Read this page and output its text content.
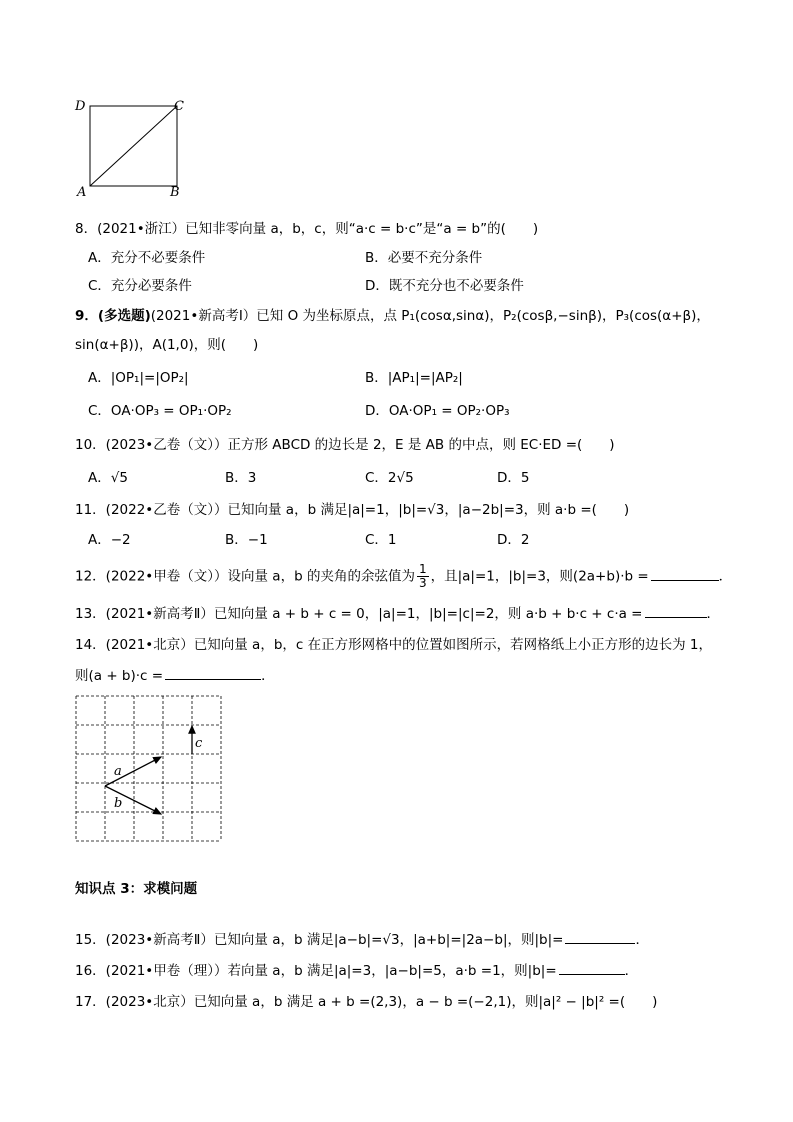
D	C
A	B
8．(2021•浙江）已知非零向量 a，b，c，则“a·c = b·c”是“a = b”的(　　)
A．充分不必要条件	B．必要不充分条件
C．充分必要条件	D．既不充分也不必要条件
9．(多选题)(2021•新高考Ⅰ）已知 O 为坐标原点，点 P₁(cosα,sinα)，P₂(cosβ,−sinβ)，P₃(cos(α+β)，
sin(α+β))，A(1,0)，则(　　)
A．|OP₁|=|OP₂|	B．|AP₁|=|AP₂|
C．OA·OP₃ = OP₁·OP₂	D．OA·OP₁ = OP₂·OP₃
10．(2023•乙卷（文））正方形 ABCD 的边长是 2，E 是 AB 的中点，则 EC·ED =(　　)
A．√5	B．3	C．2√5	D．5
11．(2022•乙卷（文））已知向量 a，b 满足|a|=1，|b|=√3，|a−2b|=3，则 a·b =(　　)
A．−2	B．−1	C．1	D．2
12．(2022•甲卷（文））设向量 a，b 的夹角的余弦值为 $\frac{1}{3}$ ，且|a|=1，|b|=3，则(2a+b)·b =	．
13．(2021•新高考Ⅱ）已知向量 a + b + c = 0，|a|=1，|b|=|c|=2，则 a·b + b·c + c·a =	．
14．(2021•北京）已知向量 a，b，c 在正方形网格中的位置如图所示，若网格纸上小正方形的边长为 1，
则(a + b)·c =	．
a
b
c
知识点 3：求模问题
15．(2023•新高考Ⅱ）已知向量 a，b 满足|a−b|=√3，|a+b|=|2a−b|，则|b|=	．
16．(2021•甲卷（理））若向量 a，b 满足|a|=3，|a−b|=5，a·b =1，则|b|=	．
17．(2023•北京）已知向量 a，b 满足 a + b =(2,3)，a − b =(−2,1)，则|a|² − |b|² =(　　)
